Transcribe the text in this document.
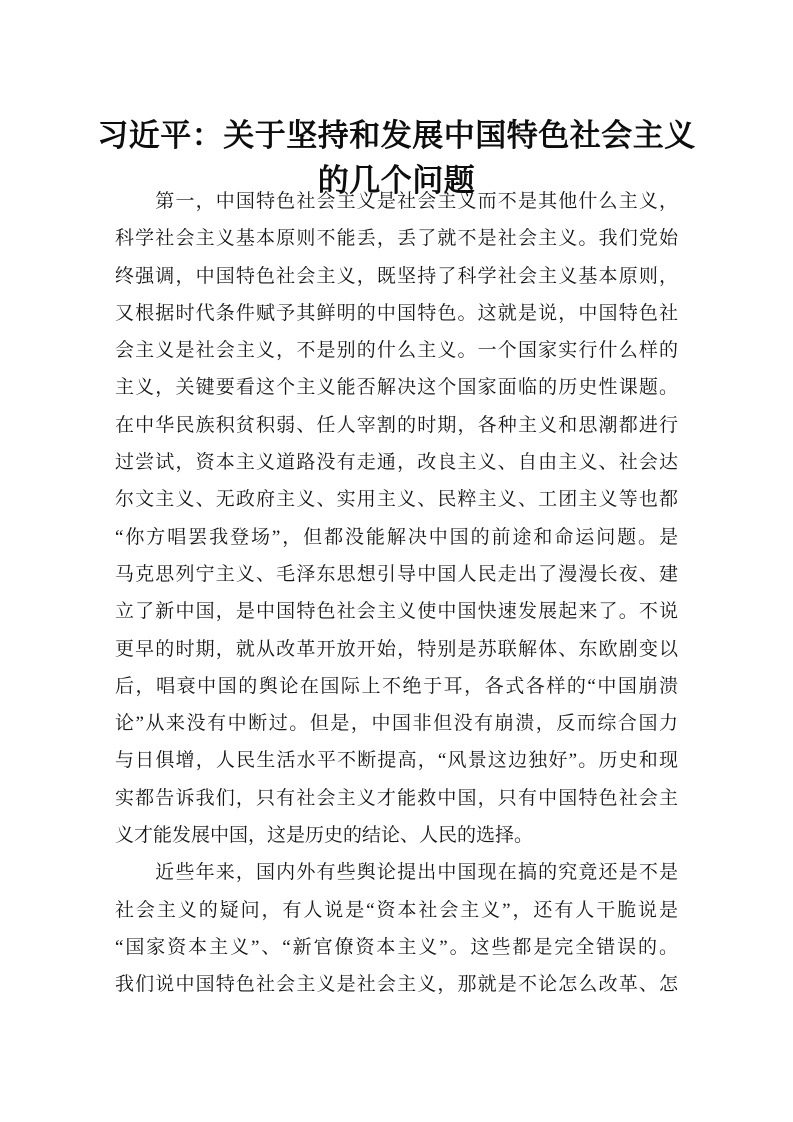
习近平：关于坚持和发展中国特色社会主义
的几个问题
　　第一，中国特色社会主义是社会主义而不是其他什么主义，
科学社会主义基本原则不能丢，丢了就不是社会主义。我们党始
终强调，中国特色社会主义，既坚持了科学社会主义基本原则，
又根据时代条件赋予其鲜明的中国特色。这就是说，中国特色社
会主义是社会主义，不是别的什么主义。一个国家实行什么样的
主义，关键要看这个主义能否解决这个国家面临的历史性课题。
在中华民族积贫积弱、任人宰割的时期，各种主义和思潮都进行
过尝试，资本主义道路没有走通，改良主义、自由主义、社会达
尔文主义、无政府主义、实用主义、民粹主义、工团主义等也都
“你方唱罢我登场”，但都没能解决中国的前途和命运问题。是
马克思列宁主义、毛泽东思想引导中国人民走出了漫漫长夜、建
立了新中国，是中国特色社会主义使中国快速发展起来了。不说
更早的时期，就从改革开放开始，特别是苏联解体、东欧剧变以
后，唱衰中国的舆论在国际上不绝于耳，各式各样的“中国崩溃
论”从来没有中断过。但是，中国非但没有崩溃，反而综合国力
与日俱增，人民生活水平不断提高，“风景这边独好”。历史和现
实都告诉我们，只有社会主义才能救中国，只有中国特色社会主
义才能发展中国，这是历史的结论、人民的选择。
　　近些年来，国内外有些舆论提出中国现在搞的究竟还是不是
社会主义的疑问，有人说是“资本社会主义”，还有人干脆说是
“国家资本主义”、“新官僚资本主义”。这些都是完全错误的。
我们说中国特色社会主义是社会主义，那就是不论怎么改革、怎
